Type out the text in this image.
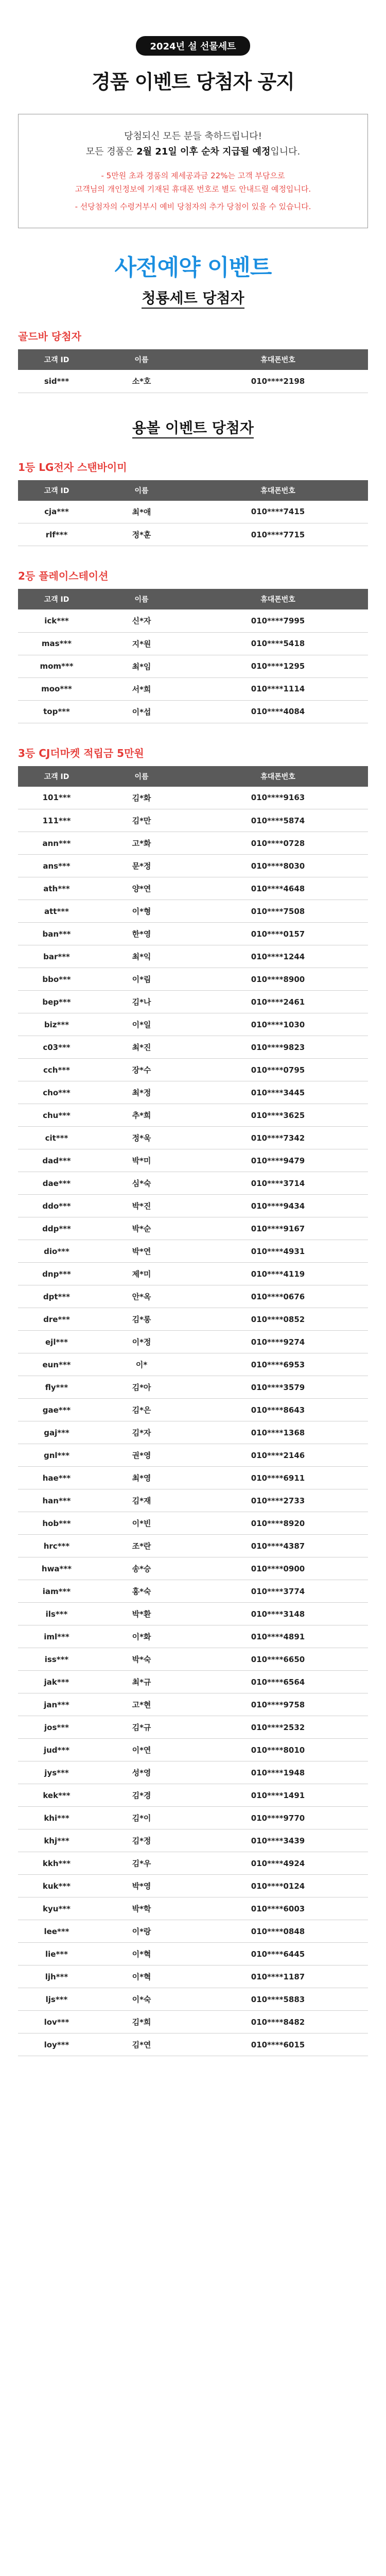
2024년 설 선물세트
경품 이벤트 당첨자 공지
당첨되신 모든 분들 축하드립니다!
모든 경품은 2월 21일 이후 순차 지급될 예정입니다.
- 5만원 초과 경품의 제세공과금 22%는 고객 부담으로
고객님의 개인정보에 기재된 휴대폰 번호로 별도 안내드릴 예정입니다.
- 선당첨자의 수령거부시 예비 당첨자의 추가 당첨이 있을 수 있습니다.
사전예약 이벤트
청룡세트 당첨자
골드바 당첨자
고객 ID	이름	휴대폰번호
sid***	소*호	010****2198
용볼 이벤트 당첨자
1등 LG전자 스탠바이미
고객 ID	이름	휴대폰번호
cja***	최*애	010****7415
rlf***	정*훈	010****7715
2등 플레이스테이션
고객 ID	이름	휴대폰번호
ick***	신*자	010****7995
mas***	지*원	010****5418
mom***	최*임	010****1295
moo***	서*희	010****1114
top***	이*섭	010****4084
3등 CJ더마켓 적립금 5만원
고객 ID	이름	휴대폰번호
101***	김*화	010****9163
111***	김*만	010****5874
ann***	고*화	010****0728
ans***	문*정	010****8030
ath***	양*연	010****4648
att***	이*형	010****7508
ban***	한*영	010****0157
bar***	최*익	010****1244
bbo***	이*림	010****8900
bep***	김*나	010****2461
biz***	이*일	010****1030
c03***	최*진	010****9823
cch***	장*수	010****0795
cho***	최*정	010****3445
chu***	추*희	010****3625
cit***	정*욱	010****7342
dad***	박*미	010****9479
dae***	심*숙	010****3714
ddo***	박*진	010****9434
ddp***	박*순	010****9167
dio***	박*연	010****4931
dnp***	제*미	010****4119
dpt***	안*옥	010****0676
dre***	김*롱	010****0852
ejl***	이*정	010****9274
eun***	이*	010****6953
fly***	김*아	010****3579
gae***	김*은	010****8643
gaj***	김*자	010****1368
gnl***	권*영	010****2146
hae***	최*영	010****6911
han***	김*재	010****2733
hob***	이*빈	010****8920
hrc***	조*란	010****4387
hwa***	송*승	010****0900
iam***	홍*숙	010****3774
ils***	박*환	010****3148
iml***	이*화	010****4891
iss***	박*숙	010****6650
jak***	최*규	010****6564
jan***	고*현	010****9758
jos***	김*규	010****2532
jud***	이*연	010****8010
jys***	성*영	010****1948
kek***	김*경	010****1491
khi***	김*이	010****9770
khj***	김*정	010****3439
kkh***	김*우	010****4924
kuk***	박*영	010****0124
kyu***	박*학	010****6003
lee***	이*랑	010****0848
lie***	이*혁	010****6445
ljh***	이*혁	010****1187
ljs***	이*숙	010****5883
lov***	김*희	010****8482
loy***	김*연	010****6015
